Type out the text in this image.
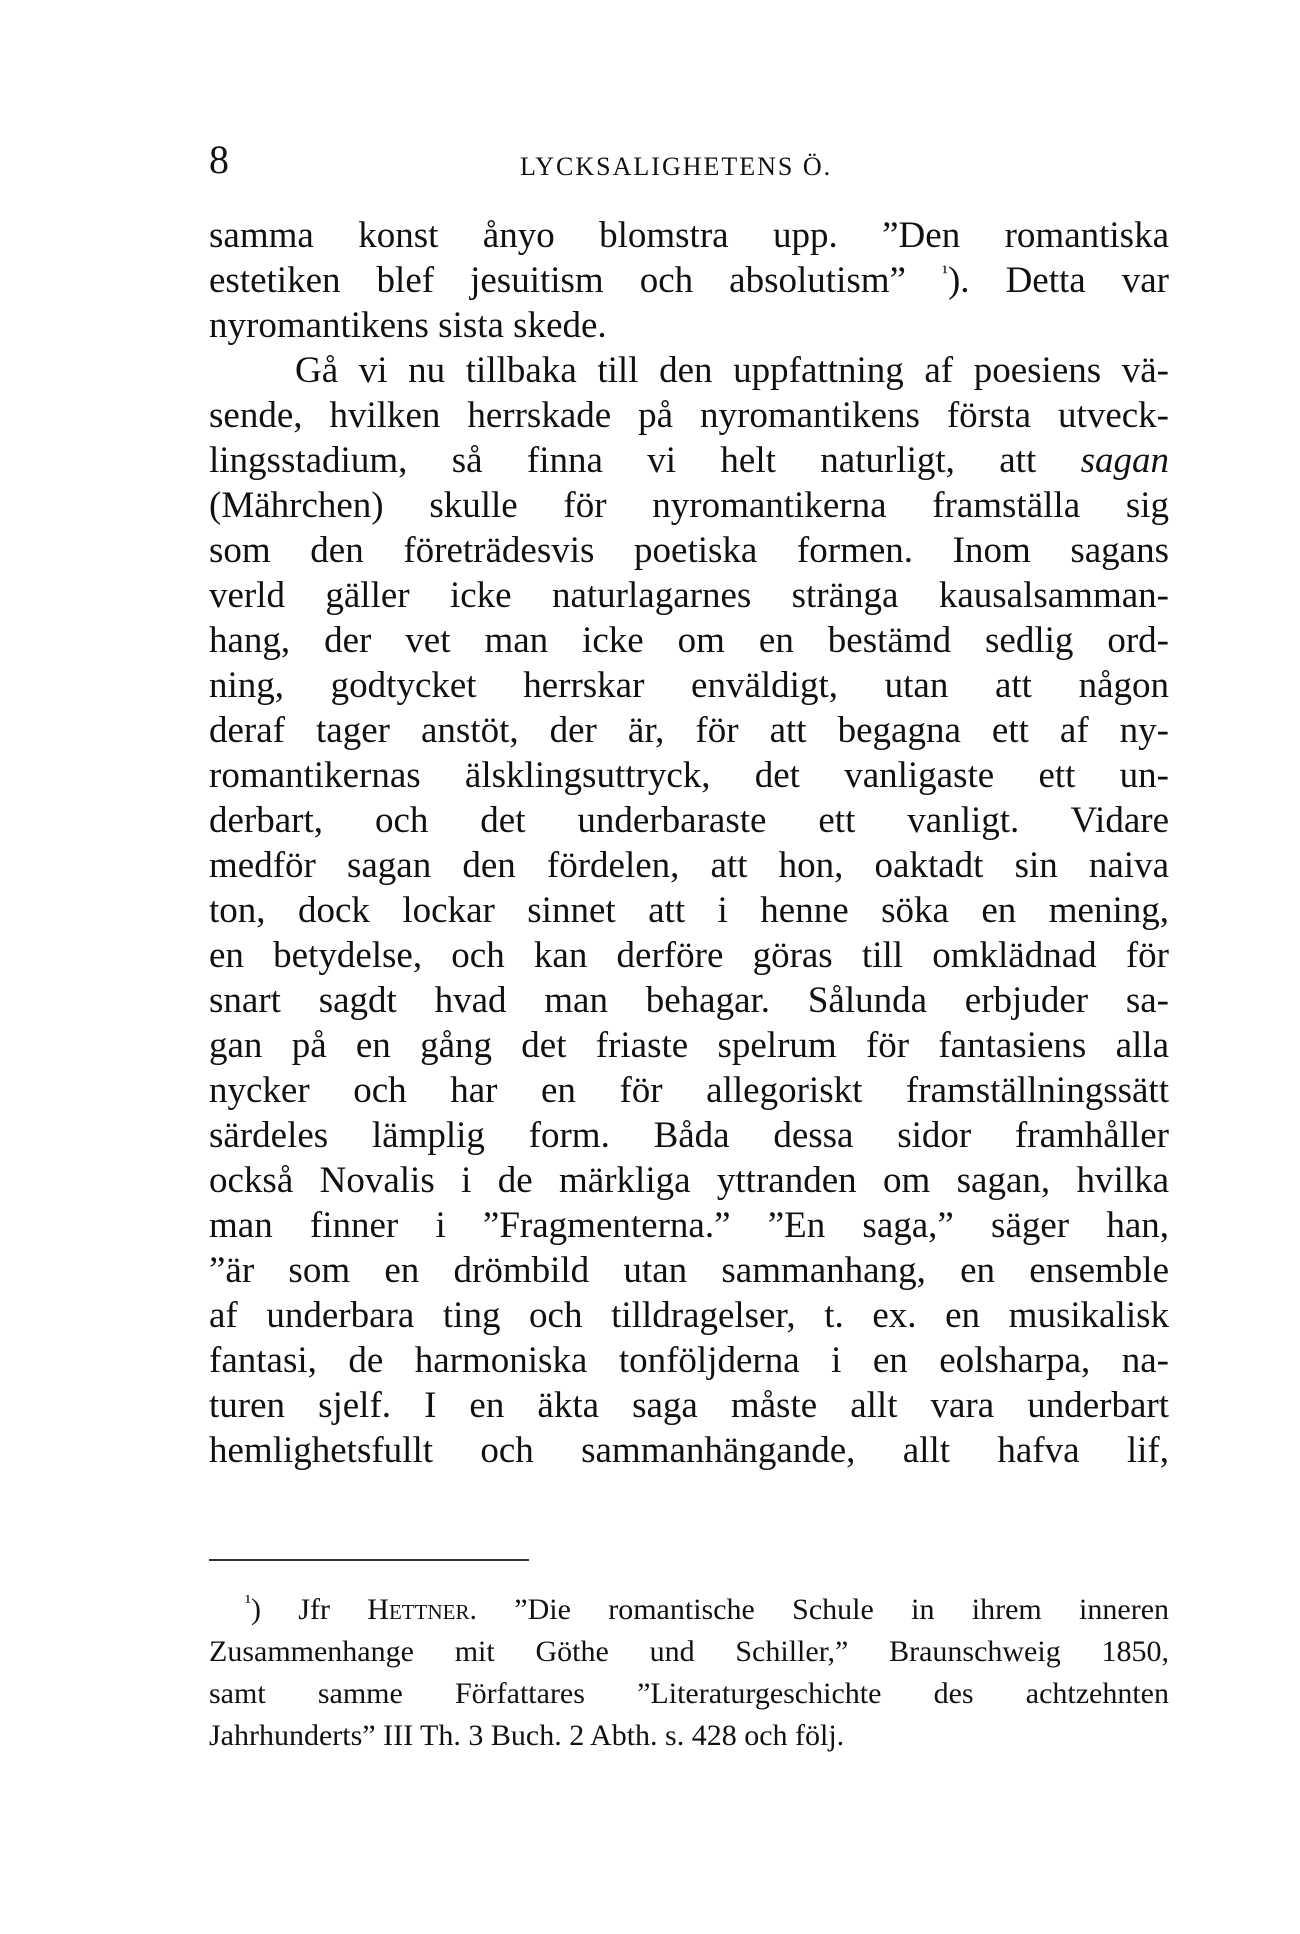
8	LYCKSALIGHETENS Ö.
samma konst ånyo blomstra upp. ”Den romantiska
estetiken blef jesuitism och absolutism” $^{^1}$). Detta var
nyromantikens sista skede.
Gå vi nu tillbaka till den uppfattning af poesiens vä-
sende, hvilken herrskade på nyromantikens första utveck-
lingsstadium, så finna vi helt naturligt, att sagan
(Mährchen) skulle för nyromantikerna framställa sig
som den företrädesvis poetiska formen. Inom sagans
verld gäller icke naturlagarnes stränga kausalsamman-
hang, der vet man icke om en bestämd sedlig ord-
ning, godtycket herrskar enväldigt, utan att någon
deraf tager anstöt, der är, för att begagna ett af ny-
romantikernas älsklingsuttryck, det vanligaste ett un-
derbart, och det underbaraste ett vanligt. Vidare
medför sagan den fördelen, att hon, oaktadt sin naiva
ton, dock lockar sinnet att i henne söka en mening,
en betydelse, och kan derföre göras till omklädnad för
snart sagdt hvad man behagar. Sålunda erbjuder sa-
gan på en gång det friaste spelrum för fantasiens alla
nycker och har en för allegoriskt framställningssätt
särdeles lämplig form. Båda dessa sidor framhåller
också Novalis i de märkliga yttranden om sagan, hvilka
man finner i ”Fragmenterna.” ”En saga,” säger han,
”är som en drömbild utan sammanhang, en ensemble
af underbara ting och tilldragelser, t. ex. en musikalisk
fantasi, de harmoniska tonföljderna i en eolsharpa, na-
turen sjelf. I en äkta saga måste allt vara underbart
hemlighetsfullt och sammanhängande, allt hafva lif,
$^{^1}$) Jfr Hettner. ”Die romantische Schule in ihrem inneren
Zusammenhange mit Göthe und Schiller,” Braunschweig 1850,
samt samme Författares ”Literaturgeschichte des achtzehnten
Jahrhunderts” III Th. 3 Buch. 2 Abth. s. 428 och följ.
